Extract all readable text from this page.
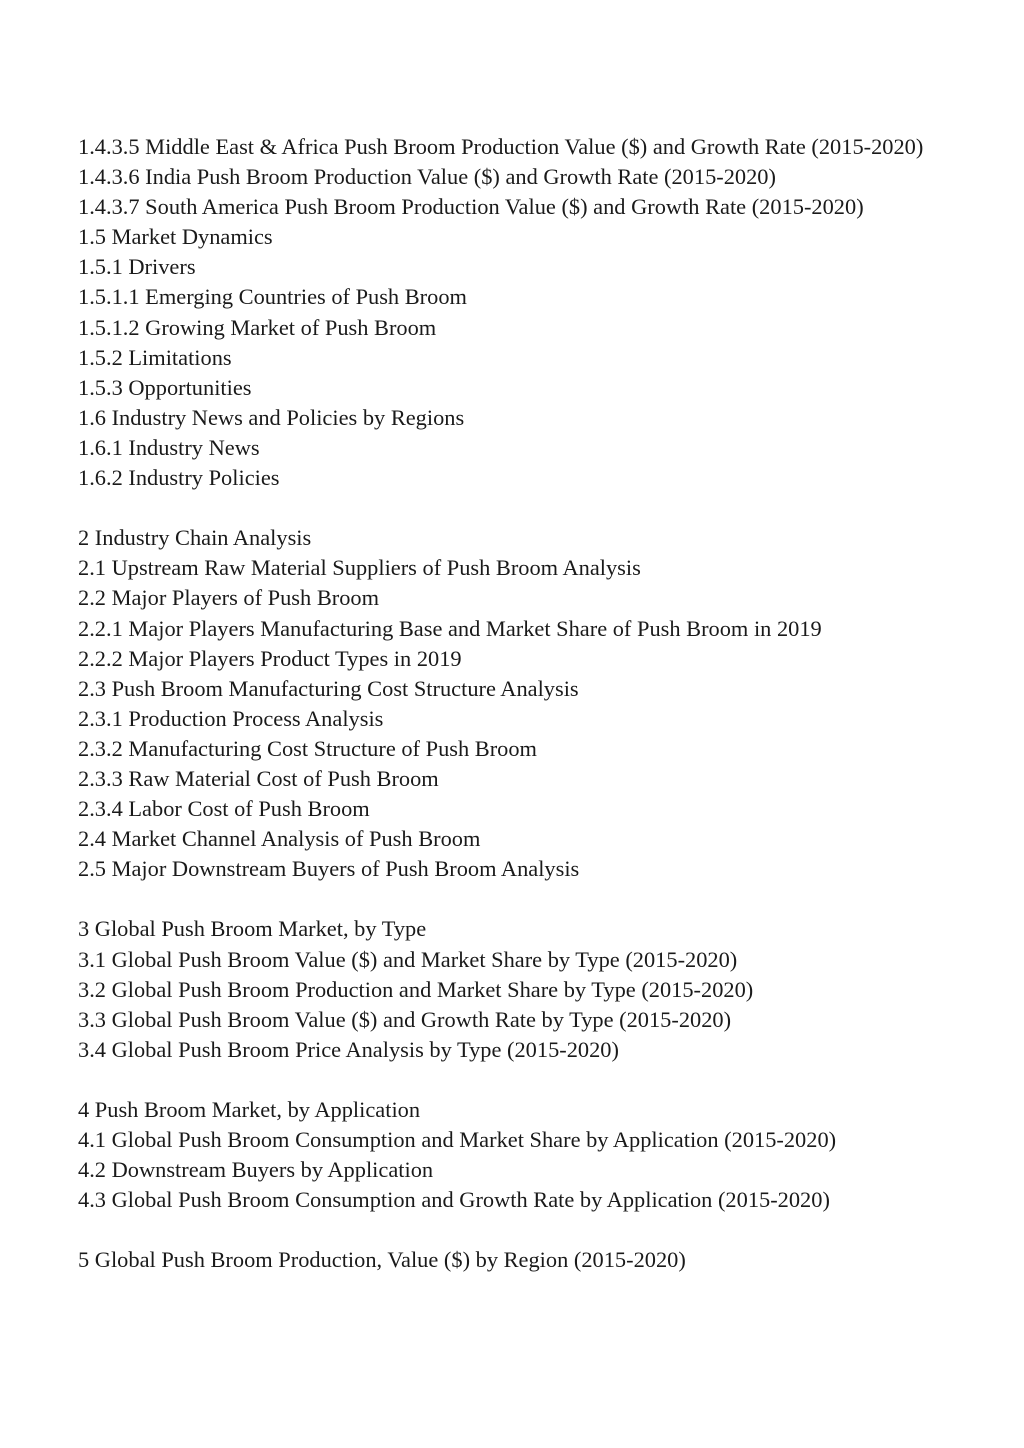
1.4.3.5 Middle East & Africa Push Broom Production Value ($) and Growth Rate (2015-2020)
1.4.3.6 India Push Broom Production Value ($) and Growth Rate (2015-2020)
1.4.3.7 South America Push Broom Production Value ($) and Growth Rate (2015-2020)
1.5 Market Dynamics
1.5.1 Drivers
1.5.1.1 Emerging Countries of Push Broom
1.5.1.2 Growing Market of Push Broom
1.5.2 Limitations
1.5.3 Opportunities
1.6 Industry News and Policies by Regions
1.6.1 Industry News
1.6.2 Industry Policies
2 Industry Chain Analysis
2.1 Upstream Raw Material Suppliers of Push Broom Analysis
2.2 Major Players of Push Broom
2.2.1 Major Players Manufacturing Base and Market Share of Push Broom in 2019
2.2.2 Major Players Product Types in 2019
2.3 Push Broom Manufacturing Cost Structure Analysis
2.3.1 Production Process Analysis
2.3.2 Manufacturing Cost Structure of Push Broom
2.3.3 Raw Material Cost of Push Broom
2.3.4 Labor Cost of Push Broom
2.4 Market Channel Analysis of Push Broom
2.5 Major Downstream Buyers of Push Broom Analysis
3 Global Push Broom Market, by Type
3.1 Global Push Broom Value ($) and Market Share by Type (2015-2020)
3.2 Global Push Broom Production and Market Share by Type (2015-2020)
3.3 Global Push Broom Value ($) and Growth Rate by Type (2015-2020)
3.4 Global Push Broom Price Analysis by Type (2015-2020)
4 Push Broom Market, by Application
4.1 Global Push Broom Consumption and Market Share by Application (2015-2020)
4.2 Downstream Buyers by Application
4.3 Global Push Broom Consumption and Growth Rate by Application (2015-2020)
5 Global Push Broom Production, Value ($) by Region (2015-2020)
